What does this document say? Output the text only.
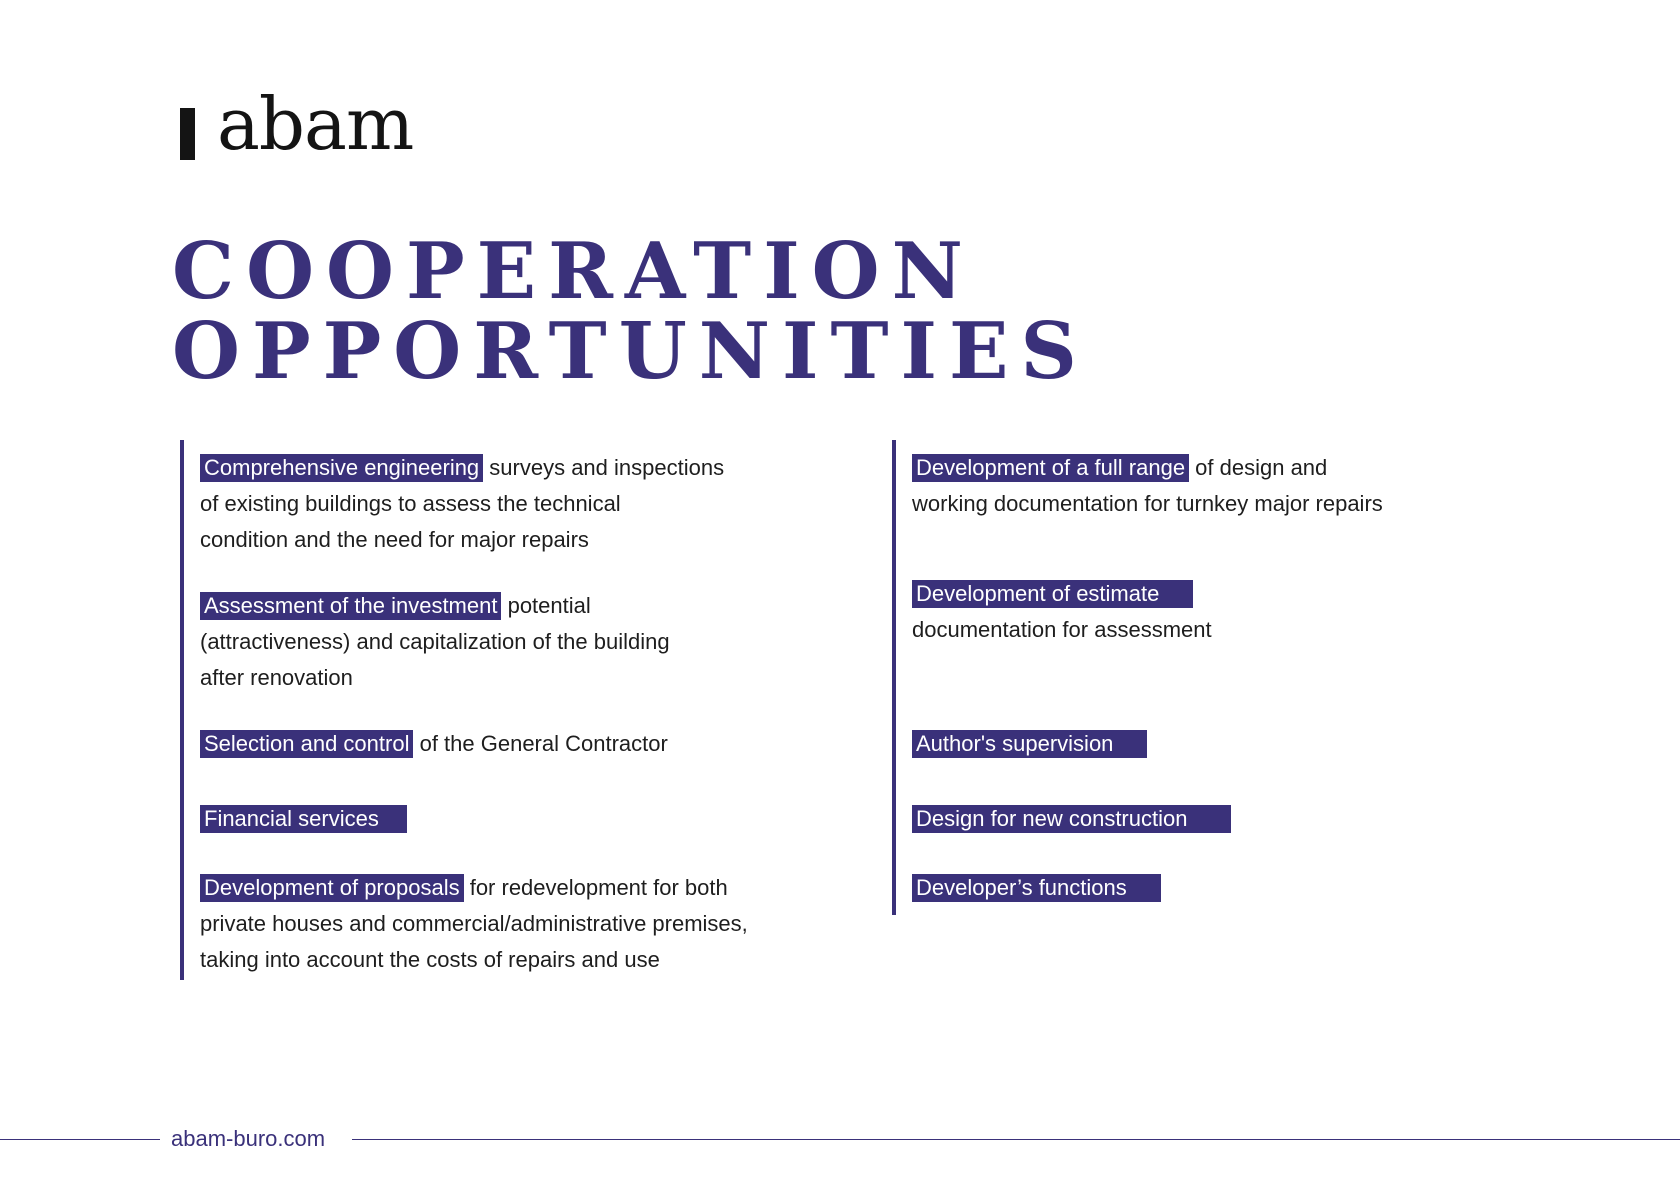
abam
COOPERATION
OPPORTUNITIES
Comprehensive engineering surveys and inspections
of existing buildings to assess the technical
condition and the need for major repairs
Assessment of the investment potential
(attractiveness) and capitalization of the building
after renovation
Selection and control of the General Contractor
Financial services
Development of proposals for redevelopment for both
private houses and commercial/administrative premises,
taking into account the costs of repairs and use
Development of a full range of design and
working documentation for turnkey major repairs
Development of estimate
documentation for assessment
Author's supervision
Design for new construction
Developer’s functions
abam-buro.com
